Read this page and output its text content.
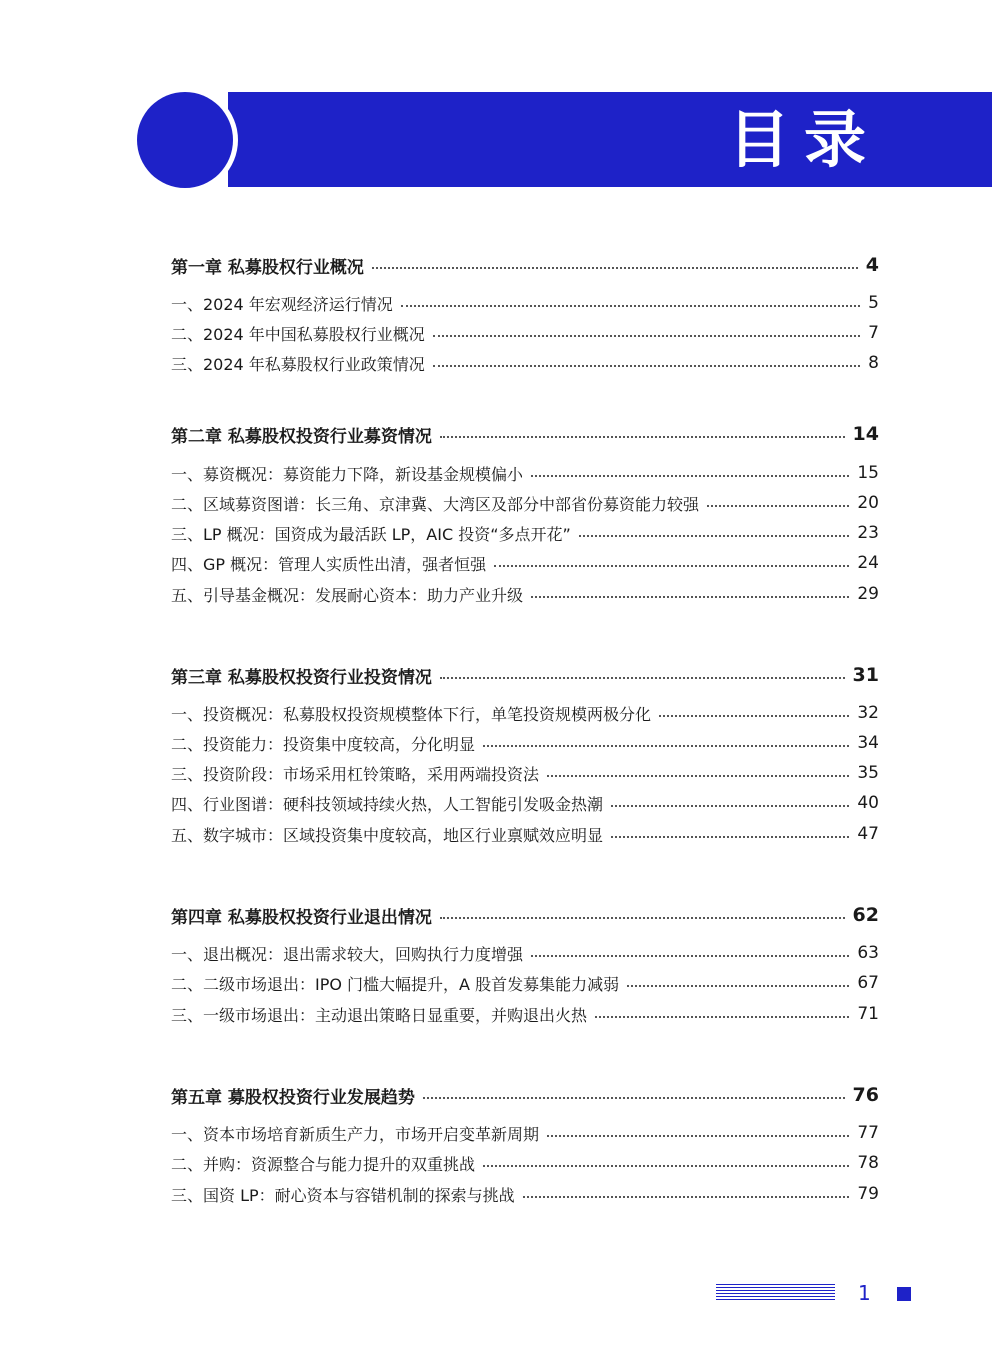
目录
第一章 私募股权行业概况	4
一、2024 年宏观经济运行情况	5
二、2024 年中国私募股权行业概况	7
三、2024 年私募股权行业政策情况	8
第二章 私募股权投资行业募资情况	14
一、募资概况：募资能力下降，新设基金规模偏小	15
二、区域募资图谱：长三角、京津冀、大湾区及部分中部省份募资能力较强	20
三、LP 概况：国资成为最活跃 LP，AIC 投资“多点开花”	23
四、GP 概况：管理人实质性出清，强者恒强	24
五、引导基金概况：发展耐心资本：助力产业升级	29
第三章 私募股权投资行业投资情况	31
一、投资概况：私募股权投资规模整体下行，单笔投资规模两极分化	32
二、投资能力：投资集中度较高，分化明显	34
三、投资阶段：市场采用杠铃策略，采用两端投资法	35
四、行业图谱：硬科技领域持续火热，人工智能引发吸金热潮	40
五、数字城市：区域投资集中度较高，地区行业禀赋效应明显	47
第四章 私募股权投资行业退出情况	62
一、退出概况：退出需求较大，回购执行力度增强	63
二、二级市场退出：IPO 门槛大幅提升，A 股首发募集能力减弱	67
三、一级市场退出：主动退出策略日显重要，并购退出火热	71
第五章 募股权投资行业发展趋势	76
一、资本市场培育新质生产力，市场开启变革新周期	77
二、并购：资源整合与能力提升的双重挑战	78
三、国资 LP：耐心资本与容错机制的探索与挑战	79
1
